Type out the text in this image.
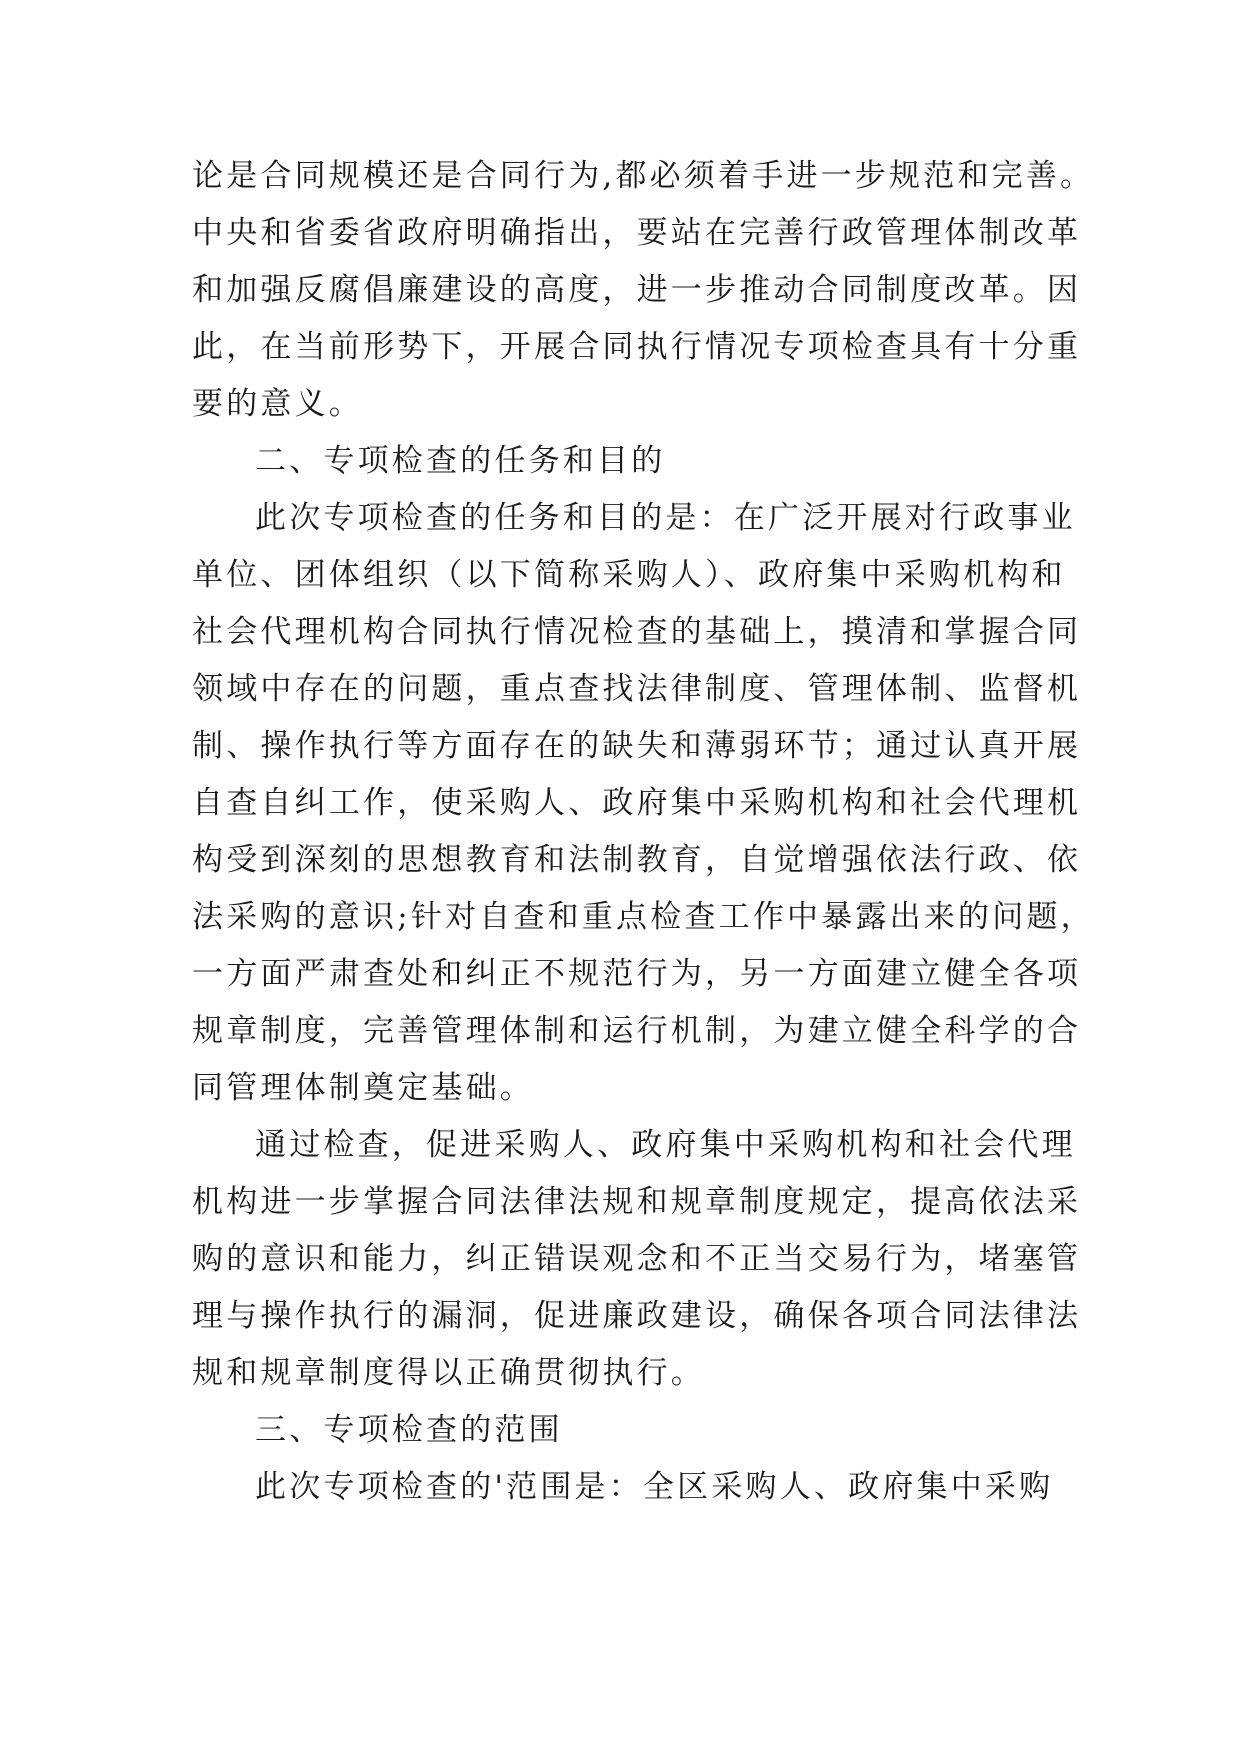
论是合同规模还是合同行为,都必须着手进一步规范和完善。
中央和省委省政府明确指出，要站在完善行政管理体制改革
和加强反腐倡廉建设的高度，进一步推动合同制度改革。因
此，在当前形势下，开展合同执行情况专项检查具有十分重
要的意义。
二、专项检查的任务和目的
此次专项检查的任务和目的是：在广泛开展对行政事业
单位、团体组织（以下简称采购人）、政府集中采购机构和
社会代理机构合同执行情况检查的基础上，摸清和掌握合同
领域中存在的问题，重点查找法律制度、管理体制、监督机
制、操作执行等方面存在的缺失和薄弱环节；通过认真开展
自查自纠工作，使采购人、政府集中采购机构和社会代理机
构受到深刻的思想教育和法制教育，自觉增强依法行政、依
法采购的意识;针对自查和重点检查工作中暴露出来的问题，
一方面严肃查处和纠正不规范行为，另一方面建立健全各项
规章制度，完善管理体制和运行机制，为建立健全科学的合
同管理体制奠定基础。
通过检查，促进采购人、政府集中采购机构和社会代理
机构进一步掌握合同法律法规和规章制度规定，提高依法采
购的意识和能力，纠正错误观念和不正当交易行为，堵塞管
理与操作执行的漏洞，促进廉政建设，确保各项合同法律法
规和规章制度得以正确贯彻执行。
三、专项检查的范围
此次专项检查的'范围是：全区采购人、政府集中采购
